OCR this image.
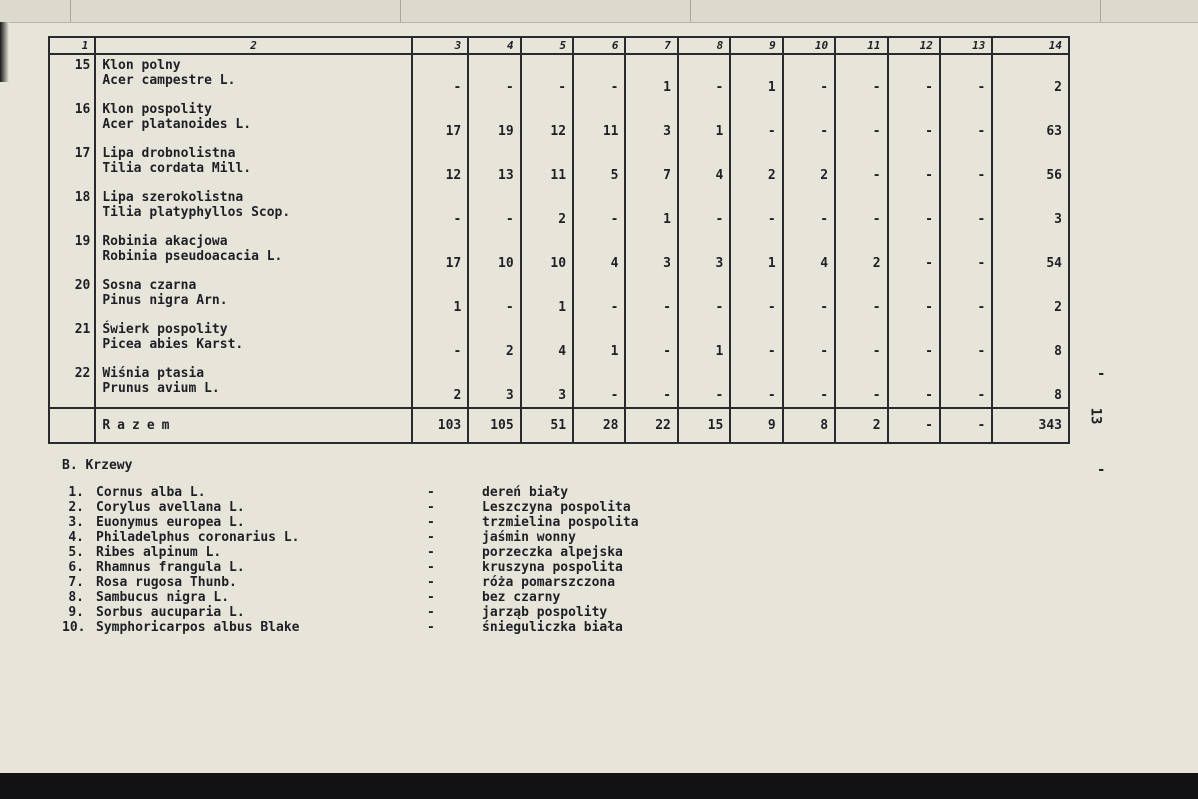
1	2	3	4	5	6	7	8	9	10	11	12	13	14
15	Klon polny
Acer campestre L.	-	-	-	-	1	-	1	-	-	-	-	2
16	Klon pospolity
Acer platanoides L.	17	19	12	11	3	1	-	-	-	-	-	63
17	Lipa drobnolistna
Tilia cordata Mill.	12	13	11	5	7	4	2	2	-	-	-	56
18	Lipa szerokolistna
Tilia platyphyllos Scop.	-	-	2	-	1	-	-	-	-	-	-	3
19	Robinia akacjowa
Robinia pseudoacacia L.	17	10	10	4	3	3	1	4	2	-	-	54
20	Sosna czarna
Pinus nigra Arn.	1	-	1	-	-	-	-	-	-	-	-	2
21	Świerk pospolity
Picea abies Karst.	-	2	4	1	-	1	-	-	-	-	-	8
22	Wiśnia ptasia
Prunus avium L.	2	3	3	-	-	-	-	-	-	-	-	8
	Razem	103	105	51	28	22	15	9	8	2	-	-	343
13
-
-
B. Krzewy
1. Cornus alba L.	-	dereń biały
2. Corylus avellana L.	-	Leszczyna pospolita
3. Euonymus europea L.	-	trzmielina pospolita
4. Philadelphus coronarius L.	-	jaśmin wonny
5. Ribes alpinum L.	-	porzeczka alpejska
6. Rhamnus frangula L.	-	kruszyna pospolita
7. Rosa rugosa Thunb.	-	róża pomarszczona
8. Sambucus nigra L.	-	bez czarny
9. Sorbus aucuparia L.	-	jarząb pospolity
10. Symphoricarpos albus Blake	-	śnieguliczka biała
